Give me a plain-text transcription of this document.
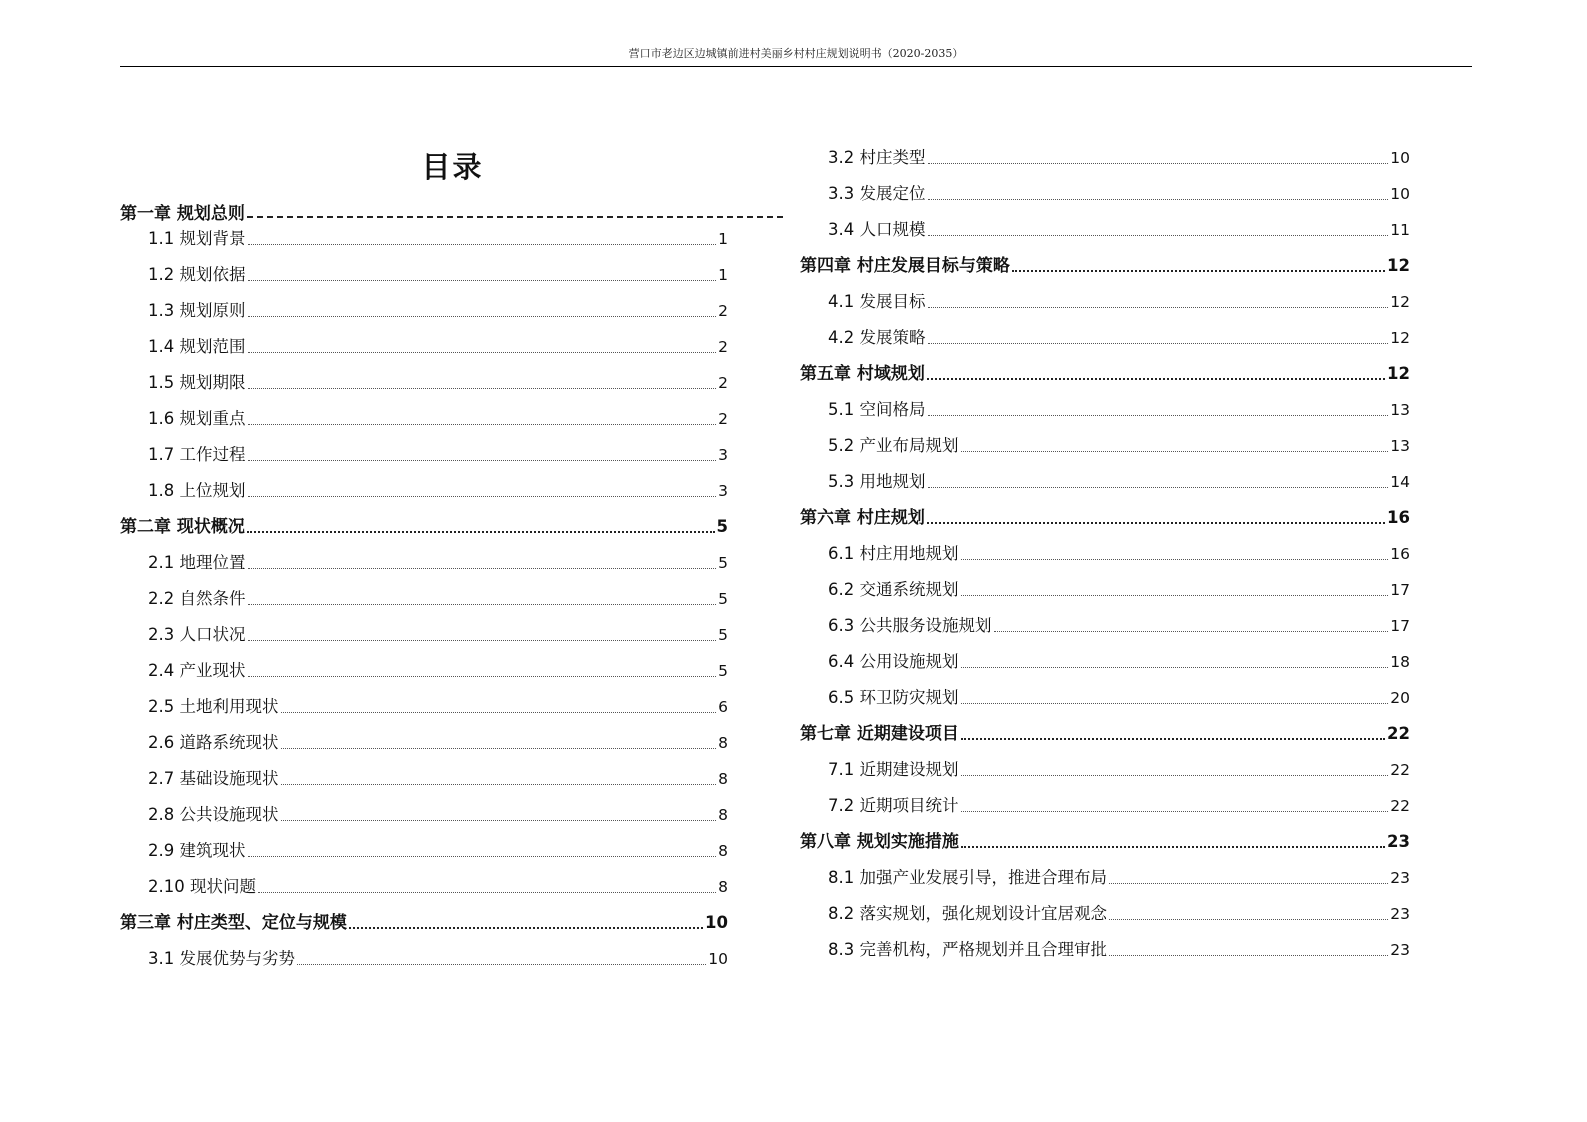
营口市老边区边城镇前进村美丽乡村村庄规划说明书（2020-2035）
目录
第一章 规划总则
1.1 规划背景	1
1.2 规划依据	1
1.3 规划原则	2
1.4 规划范围	2
1.5 规划期限	2
1.6 规划重点	2
1.7 工作过程	3
1.8 上位规划	3
第二章 现状概况	5
2.1 地理位置	5
2.2 自然条件	5
2.3 人口状况	5
2.4 产业现状	5
2.5 土地利用现状	6
2.6 道路系统现状	8
2.7 基础设施现状	8
2.8 公共设施现状	8
2.9 建筑现状	8
2.10 现状问题	8
第三章 村庄类型、定位与规模	10
3.1 发展优势与劣势	10
3.2 村庄类型	10
3.3 发展定位	10
3.4 人口规模	11
第四章 村庄发展目标与策略	12
4.1 发展目标	12
4.2 发展策略	12
第五章 村域规划	12
5.1 空间格局	13
5.2 产业布局规划	13
5.3 用地规划	14
第六章 村庄规划	16
6.1 村庄用地规划	16
6.2 交通系统规划	17
6.3 公共服务设施规划	17
6.4 公用设施规划	18
6.5 环卫防灾规划	20
第七章 近期建设项目	22
7.1 近期建设规划	22
7.2 近期项目统计	22
第八章 规划实施措施	23
8.1 加强产业发展引导，推进合理布局	23
8.2 落实规划，强化规划设计宜居观念	23
8.3 完善机构，严格规划并且合理审批	23
